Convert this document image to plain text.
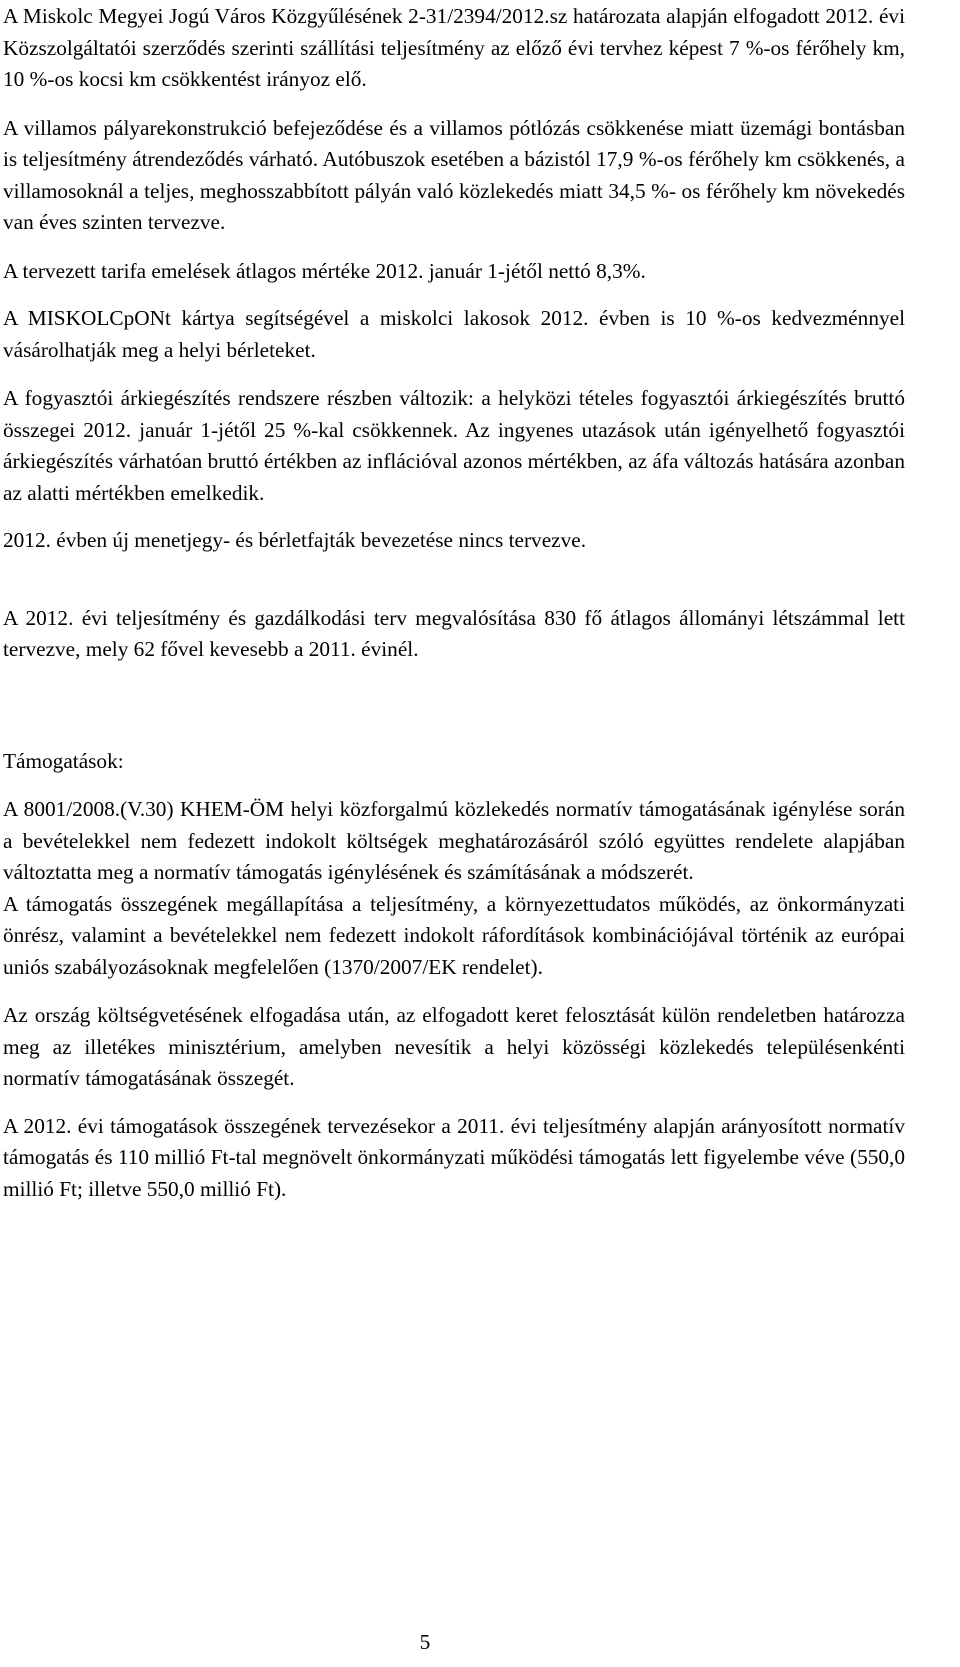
A Miskolc Megyei Jogú Város Közgyűlésének 2-31/2394/2012.sz határozata alapján elfogadott 2012. évi Közszolgáltatói szerződés szerinti szállítási teljesítmény az előző évi tervhez képest 7 %-os férőhely km, 10 %-os kocsi km csökkentést irányoz elő.

A villamos pályarekonstrukció befejeződése és a villamos pótlózás csökkenése miatt üzemági bontásban is teljesítmény átrendeződés várható. Autóbuszok esetében a bázistól 17,9 %-os férőhely km csökkenés, a villamosoknál a teljes, meghosszabbított pályán való közlekedés miatt 34,5 %- os férőhely km növekedés van éves szinten tervezve.

A tervezett tarifa emelések átlagos mértéke 2012. január 1-jétől nettó 8,3%.

A MISKOLCpONt kártya segítségével a miskolci lakosok 2012. évben is 10 %-os kedvezménnyel vásárolhatják meg a helyi bérleteket.

A fogyasztói árkiegészítés rendszere részben változik: a helyközi tételes fogyasztói árkiegészítés bruttó összegei 2012. január 1-jétől 25 %-kal csökkennek. Az ingyenes utazások után igényelhető fogyasztói árkiegészítés várhatóan bruttó értékben az inflációval azonos mértékben, az áfa változás hatására azonban az alatti mértékben emelkedik.

2012. évben új menetjegy- és bérletfajták bevezetése nincs tervezve.

A 2012. évi teljesítmény és gazdálkodási terv megvalósítása 830 fő átlagos állományi létszámmal lett tervezve, mely 62 fővel kevesebb a 2011. évinél.

Támogatások:

A 8001/2008.(V.30) KHEM-ÖM helyi közforgalmú közlekedés normatív támogatásának igénylése során a bevételekkel nem fedezett indokolt költségek meghatározásáról szóló együttes rendelete alapjában változtatta meg a normatív támogatás igénylésének és számításának a módszerét.

A támogatás összegének megállapítása a teljesítmény, a környezettudatos működés, az önkormányzati önrész, valamint a bevételekkel nem fedezett indokolt ráfordítások kombinációjával történik az európai uniós szabályozásoknak megfelelően (1370/2007/EK rendelet).

Az ország költségvetésének elfogadása után, az elfogadott keret felosztását külön rendeletben határozza meg az illetékes minisztérium, amelyben nevesítik a helyi közösségi közlekedés településenkénti normatív támogatásának összegét.

A 2012. évi támogatások összegének tervezésekor a 2011. évi teljesítmény alapján arányosított normatív támogatás és 110 millió Ft-tal megnövelt önkormányzati működési támogatás lett figyelembe véve (550,0 millió Ft; illetve 550,0 millió Ft).

5
